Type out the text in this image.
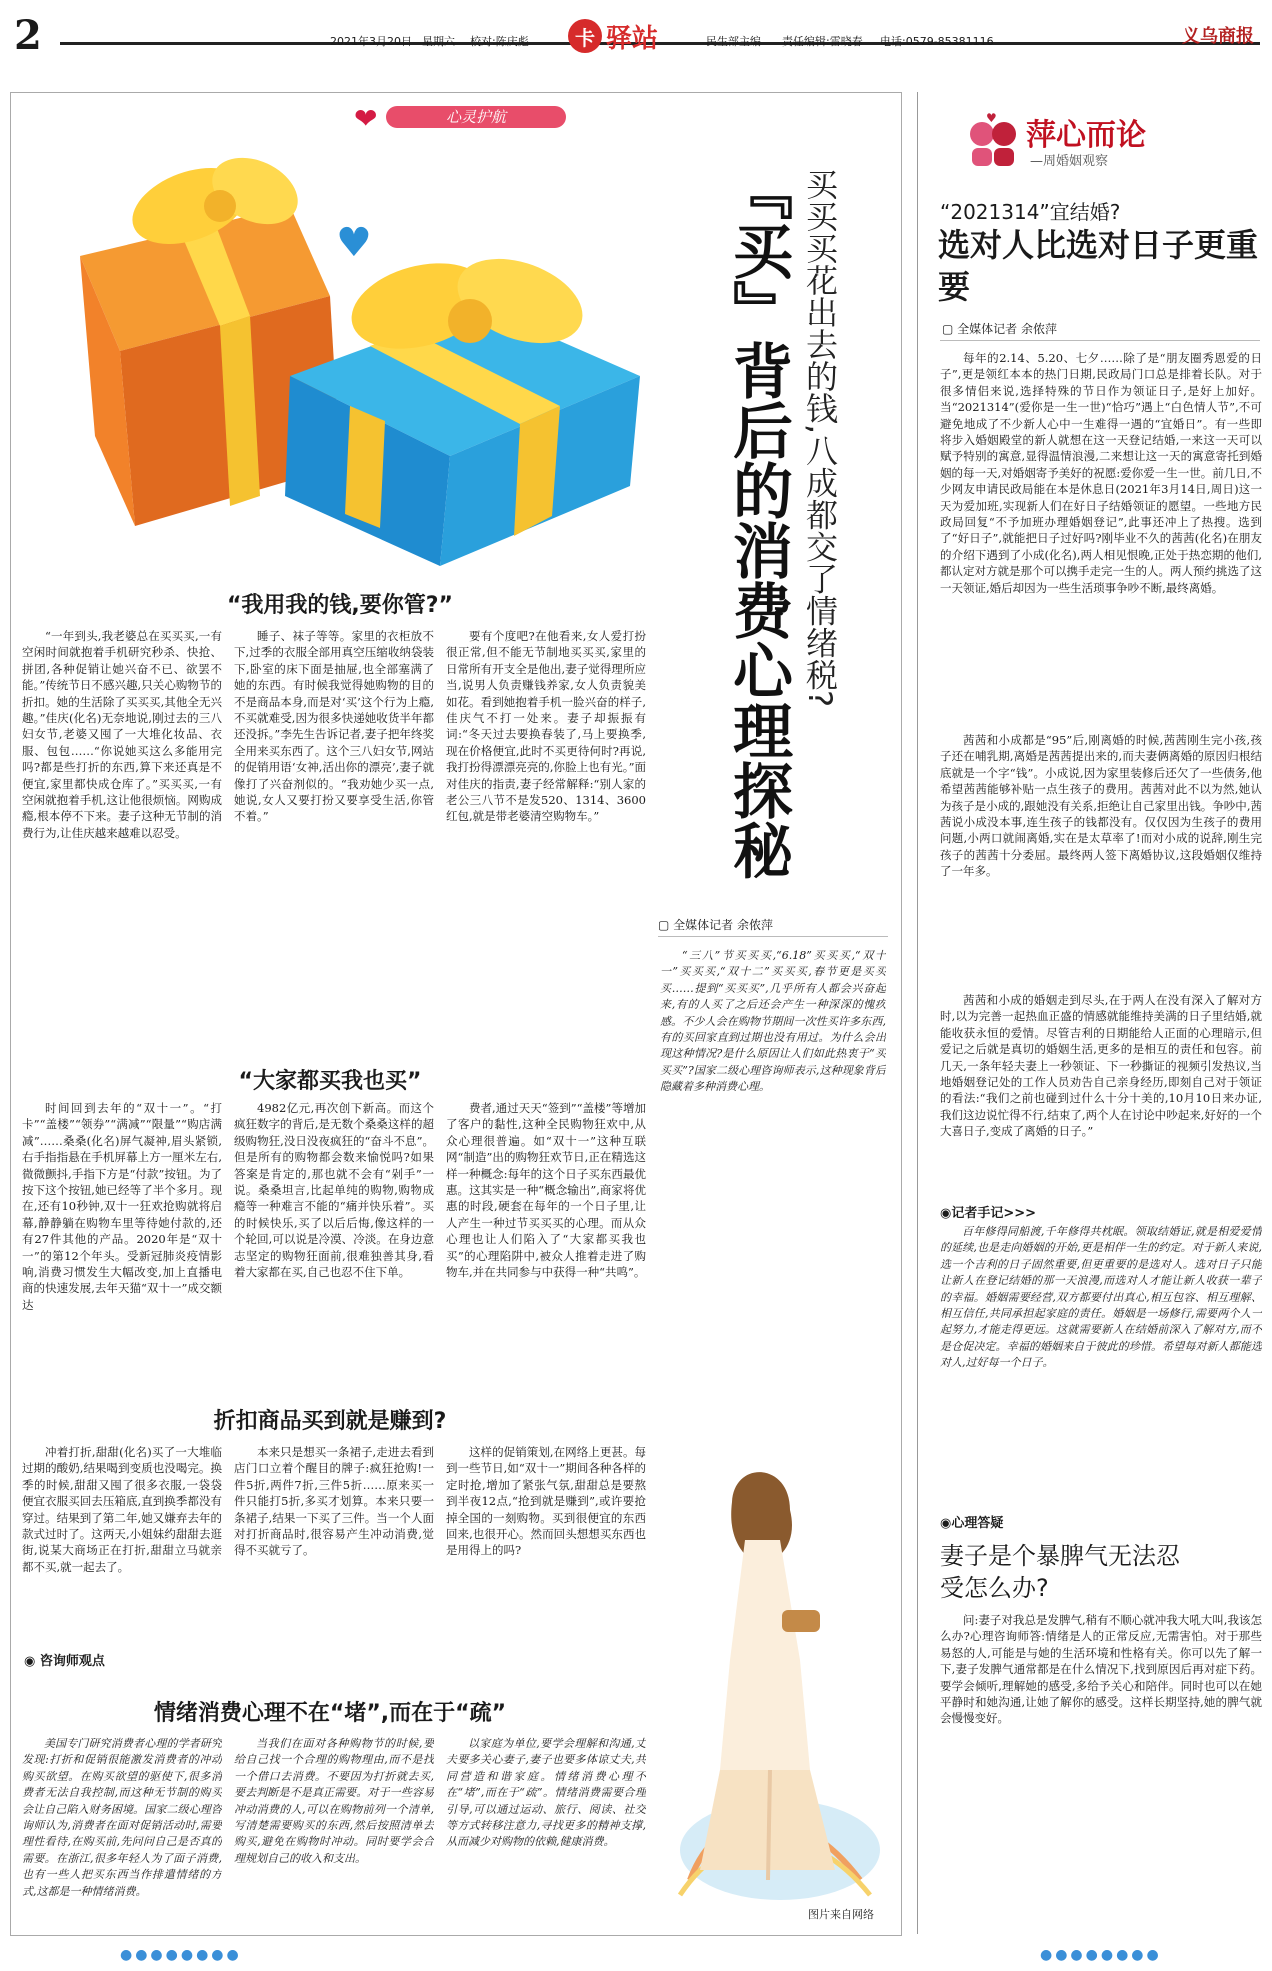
2	2021年3月20日 星期六 校对:陈庆彪	卡 驿站	民生部主编 责任编辑:雷晓春 电话:0579-85381116	义乌商报
❤	心灵护航
♥	『买』背后的消费心理探秘 买买买花出去的钱,八成都交了情绪税?
“我用我的钱,要你管?”

“一年到头,我老婆总在买买买,一有空闲时间就抱着手机研究秒杀、快抢、拼团,各种促销让她兴奋不已、欲罢不能。”传统节日不感兴趣,只关心购物节的折扣。她的生活除了买买买,其他全无兴趣。”佳庆(化名)无奈地说,刚过去的三八妇女节,老婆又囤了一大堆化妆品、衣服、包包……“你说她买这么多能用完吗?都是些打折的东西,算下来还真是不便宜,家里都快成仓库了。”买买买,一有空闲就抱着手机,这让他很烦恼。网购成瘾,根本停不下来。妻子这种无节制的消费行为,让佳庆越来越难以忍受。

睡子、袜子等等。家里的衣柜放不下,过季的衣服全部用真空压缩收纳袋装下,卧室的床下面是抽屉,也全部塞满了她的东西。有时候我觉得她购物的目的不是商品本身,而是对‘买’这个行为上瘾,不买就难受,因为很多快递她收货半年都还没拆。”李先生告诉记者,妻子把年终奖全用来买东西了。这个三八妇女节,网站的促销用语‘女神,活出你的漂亮’,妻子就像打了兴奋剂似的。“我劝她少买一点,她说,女人又要打扮又要享受生活,你管不着。”

要有个度吧?在他看来,女人爱打扮很正常,但不能无节制地买买买,家里的日常所有开支全是他出,妻子觉得理所应当,说男人负责赚钱养家,女人负责貌美如花。看到她抱着手机一脸兴奋的样子,佳庆气不打一处来。妻子却振振有词:“冬天过去要换春装了,马上要换季,现在价格便宜,此时不买更待何时?再说,我打扮得漂漂亮亮的,你脸上也有光。”面对佳庆的指责,妻子经常解释:“别人家的老公三八节不是发520、1314、3600红包,就是带老婆清空购物车。”

▢ 全媒体记者 余侬萍

“三八”节买买买,“6.18”买买买,“双十一”买买买,“双十二”买买买,春节更是买买买……提到“买买买”,几乎所有人都会兴奋起来,有的人买了之后还会产生一种深深的愧疚感。不少人会在购物节期间一次性买许多东西,有的买回家直到过期也没有用过。为什么会出现这种情况?是什么原因让人们如此热衷于“买买买”?国家二级心理咨询师表示,这种现象背后隐藏着多种消费心理。

“大家都买我也买”

时间回到去年的“双十一”。“打卡”“盖楼”“领券”“满减”“限量”“购店满减”……桑桑(化名)屏气凝神,眉头紧锁,右手指指悬在手机屏幕上方一厘米左右,微微颤抖,手指下方是“付款”按钮。为了按下这个按钮,她已经等了半个多月。现在,还有10秒钟,双十一狂欢抢购就将启幕,静静躺在购物车里等待她付款的,还有27件其他的产品。2020年是“双十一”的第12个年头。受新冠肺炎疫情影响,消费习惯发生大幅改变,加上直播电商的快速发展,去年天猫“双十一”成交额达

4982亿元,再次创下新高。而这个疯狂数字的背后,是无数个桑桑这样的超级购物狂,没日没夜疯狂的“奋斗不息”。但是所有的购物都会数来愉悦吗?如果答案是肯定的,那也就不会有“剁手”一说。桑桑坦言,比起单纯的购物,购物成瘾等一种难言不能的“痛并快乐着”。买的时候快乐,买了以后后悔,像这样的一个轮回,可以说是冷漠、冷淡。在身边意志坚定的购物狂面前,很难独善其身,看着大家都在买,自己也忍不住下单。

费者,通过天天“签到”“盖楼”等增加了客户的黏性,这种全民购物狂欢中,从众心理很普遍。如“双十一”这种互联网“制造”出的购物狂欢节日,正在精选这样一种概念:每年的这个日子买东西最优惠。这其实是一种“概念输出”,商家将优惠的时段,硬套在每年的一个日子里,让人产生一种过节买买买的心理。而从众心理也让人们陷入了“大家都买我也买”的心理陷阱中,被众人推着走进了购物车,并在共同参与中获得一种“共鸣”。

折扣商品买到就是赚到?

冲着打折,甜甜(化名)买了一大堆临过期的酸奶,结果喝到变质也没喝完。换季的时候,甜甜又囤了很多衣服,一袋袋便宜衣服买回去压箱底,直到换季都没有穿过。结果到了第二年,她又嫌弃去年的款式过时了。这两天,小姐妹约甜甜去逛街,说某大商场正在打折,甜甜立马就亲都不买,就一起去了。

本来只是想买一条裙子,走进去看到店门口立着个醒目的牌子:疯狂抢购!一件5折,两件7折,三件5折……原来买一件只能打5折,多买才划算。本来只要一条裙子,结果一下买了三件。当一个人面对打折商品时,很容易产生冲动消费,觉得不买就亏了。

这样的促销策划,在网络上更甚。每到一些节日,如“双十一”期间各种各样的定时抢,增加了紧张气氛,甜甜总是要熬到半夜12点,“抢到就是赚到”,或许要抢掉全国的一刻购物。买到很便宜的东西回来,也很开心。然而回头想想买东西也是用得上的吗?

◉ 咨询师观点
情绪消费心理不在“堵”,而在于“疏”

美国专门研究消费者心理的学者研究发现:打折和促销很能激发消费者的冲动购买欲望。在购买欲望的驱使下,很多消费者无法自我控制,而这种无节制的购买会让自己陷入财务困境。国家二级心理咨询师认为,消费者在面对促销活动时,需要理性看待,在购买前,先问问自己是否真的需要。在浙江,很多年轻人为了面子消费,也有一些人把买东西当作排遣情绪的方式,这都是一种情绪消费。

当我们在面对各种购物节的时候,要给自己找一个合理的购物理由,而不是找一个借口去消费。不要因为打折就去买,要去判断是不是真正需要。对于一些容易冲动消费的人,可以在购物前列一个清单,写清楚需要购买的东西,然后按照清单去购买,避免在购物时冲动。同时要学会合理规划自己的收入和支出。

以家庭为单位,要学会理解和沟通,丈夫要多关心妻子,妻子也要多体谅丈夫,共同营造和谐家庭。情绪消费心理不在“堵”,而在于“疏”。情绪消费需要合理引导,可以通过运动、旅行、阅读、社交等方式转移注意力,寻找更多的精神支撑,从而减少对购物的依赖,健康消费。

图片来自网络
♥ 萍心而论
—周婚姻观察
“2021314”宜结婚?
选对人比选对日子更重要
▢ 全媒体记者 余侬萍

每年的2.14、5.20、七夕……除了是“朋友圈秀恩爱的日子”,更是领红本本的热门日期,民政局门口总是排着长队。对于很多情侣来说,选择特殊的节日作为领证日子,是好上加好。当“2021314”(爱你是一生一世)“恰巧”遇上“白色情人节”,不可避免地成了不少新人心中一生难得一遇的“宜婚日”。有一些即将步入婚姻殿堂的新人就想在这一天登记结婚,一来这一天可以赋予特别的寓意,显得温情浪漫,二来想让这一天的寓意寄托到婚姻的每一天,对婚姻寄予美好的祝愿:爱你爱一生一世。前几日,不少网友申请民政局能在本是休息日(2021年3月14日,周日)这一天为爱加班,实现新人们在好日子结婚领证的愿望。一些地方民政局回复“不予加班办理婚姻登记”,此事还冲上了热搜。选到了“好日子”,就能把日子过好吗?刚毕业不久的茜茜(化名)在朋友的介绍下遇到了小成(化名),两人相见恨晚,正处于热恋期的他们,都认定对方就是那个可以携手走完一生的人。两人预约挑选了这一天领证,婚后却因为一些生活琐事争吵不断,最终离婚。

茜茜和小成都是“95”后,刚离婚的时候,茜茜刚生完小孩,孩子还在哺乳期,离婚是茜茜提出来的,而夫妻俩离婚的原因归根结底就是一个字“钱”。小成说,因为家里装修后还欠了一些债务,他希望茜茜能够补贴一点生孩子的费用。茜茜对此不以为然,她认为孩子是小成的,跟她没有关系,拒绝让自己家里出钱。争吵中,茜茜说小成没本事,连生孩子的钱都没有。仅仅因为生孩子的费用问题,小两口就闹离婚,实在是太草率了!而对小成的说辞,刚生完孩子的茜茜十分委屈。最终两人签下离婚协议,这段婚姻仅维持了一年多。

茜茜和小成的婚姻走到尽头,在于两人在没有深入了解对方时,以为完善一起热血正盛的情感就能维持美满的日子里结婚,就能收获永恒的爱情。尽管吉利的日期能给人正面的心理暗示,但爱记之后就是真切的婚姻生活,更多的是相互的责任和包容。前几天,一条年轻夫妻上一秒领证、下一秒撕证的视频引发热议,当地婚姻登记处的工作人员劝告自己亲身经历,即刻自己对于领证的看法:“我们之前也碰到过什么十分十美的,10月10日来办证,我们这边说忙得不行,结束了,两个人在讨论中吵起来,好好的一个大喜日子,变成了离婚的日子。”

◉记者手记>>>

百年修得同船渡,千年修得共枕眠。领取结婚证,就是相爱爱情的延续,也是走向婚姻的开始,更是相伴一生的约定。对于新人来说,选一个吉利的日子固然重要,但更重要的是选对人。选对日子只能让新人在登记结婚的那一天浪漫,而选对人才能让新人收获一辈子的幸福。婚姻需要经营,双方都要付出真心,相互包容、相互理解、相互信任,共同承担起家庭的责任。婚姻是一场修行,需要两个人一起努力,才能走得更远。这就需要新人在结婚前深入了解对方,而不是仓促决定。幸福的婚姻来自于彼此的珍惜。希望每对新人都能选对人,过好每一个日子。

◉心理答疑
妻子是个暴脾气无法忍受怎么办?

问:妻子对我总是发脾气,稍有不顺心就冲我大吼大叫,我该怎么办?心理咨询师答:情绪是人的正常反应,无需害怕。对于那些易怒的人,可能是与她的生活环境和性格有关。你可以先了解一下,妻子发脾气通常都是在什么情况下,找到原因后再对症下药。要学会倾听,理解她的感受,多给予关心和陪伴。同时也可以在她平静时和她沟通,让她了解你的感受。这样长期坚持,她的脾气就会慢慢变好。

●●●●●●●●	●●●●●●●●
